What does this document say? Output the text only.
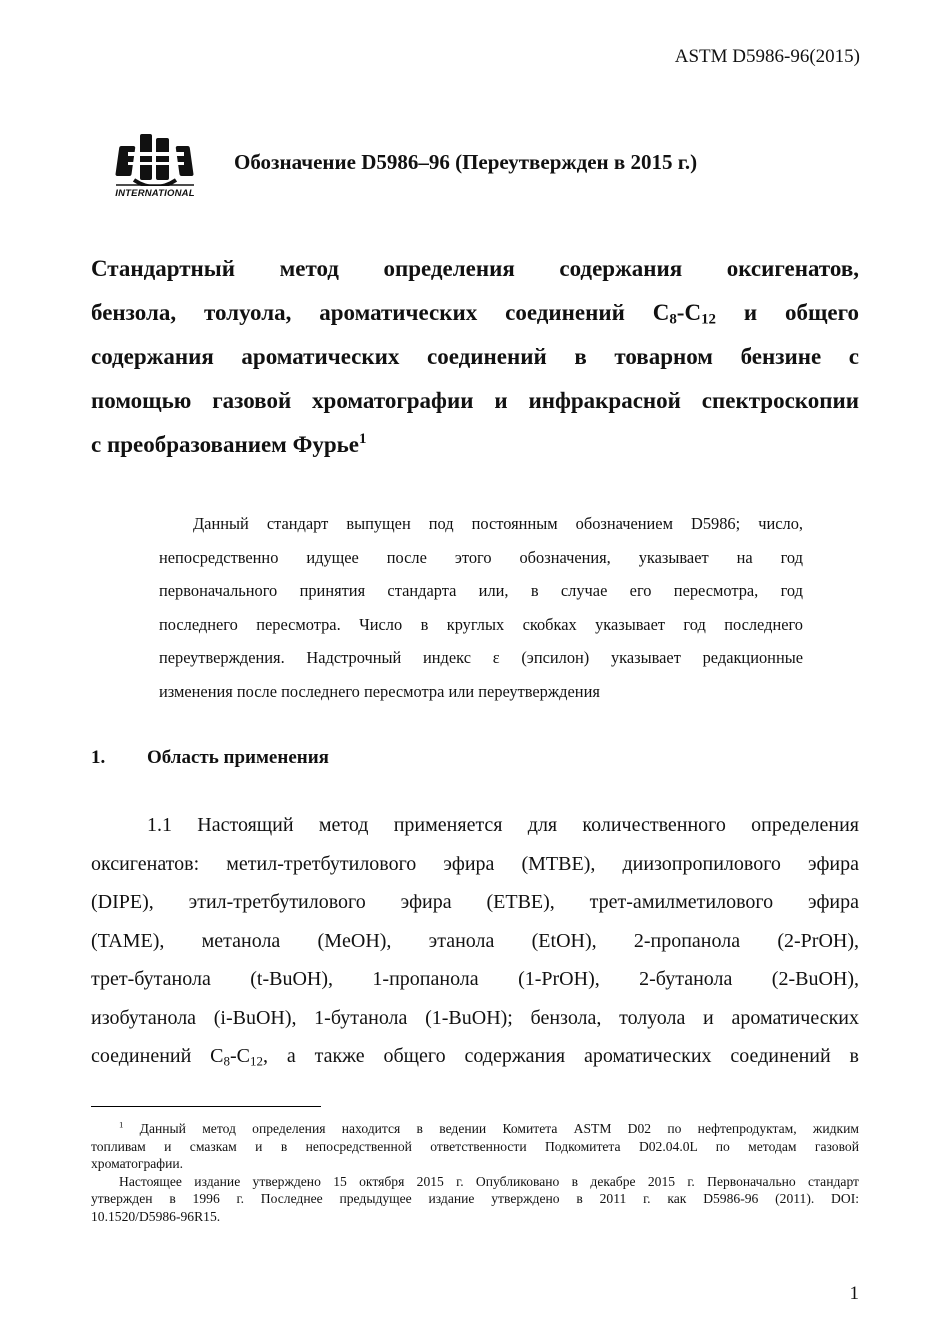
ASTM D5986-96(2015)
INTERNATIONAL
Обозначение D5986–96 (Переутвержден в 2015 г.)
Стандартный метод определения содержания оксигенатов,
бензола, толуола, ароматических соединений $C_8-C_{12}$ и общего
содержания ароматических соединений в товарном бензине с
помощью газовой хроматографии и инфракрасной спектроскопии
с преобразованием Фурье$^1$
Данный стандарт выпущен под постоянным обозначением D5986; число,
непосредственно идущее после этого обозначения, указывает на год
первоначального принятия стандарта или, в случае его пересмотра, год
последнего пересмотра. Число в круглых скобках указывает год последнего
переутверждения. Надстрочный индекс ε (эпсилон) указывает редакционные
изменения после последнего пересмотра или переутверждения
1. Область применения
1.1 Настоящий метод применяется для количественного определения
оксигенатов: метил-третбутилового эфира (MTBE), диизопропилового эфира
(DIPE), этил-третбутилового эфира (ETBE), трет-амилметилового эфира
(TAME), метанола (MeOH), этанола (EtOH), 2-пропанола (2-PrOH),
трет-бутанола (t-BuOH), 1-пропанола (1-PrOH), 2-бутанола (2-BuOH),
изобутанола (i-BuOH), 1-бутанола (1-BuOH); бензола, толуола и ароматических
соединений $C_8-C_{12}$, а также общего содержания ароматических соединений в
$^1$ Данный метод определения находится в ведении Комитета ASTM D02 по нефтепродуктам, жидким
топливам и смазкам и в непосредственной ответственности Подкомитета D02.04.0L по методам газовой
хроматографии.
Настоящее издание утверждено 15 октября 2015 г. Опубликовано в декабре 2015 г. Первоначально стандарт
утвержден в 1996 г. Последнее предыдущее издание утверждено в 2011 г. как D5986-96 (2011). DOI:
10.1520/D5986-96R15.
1
